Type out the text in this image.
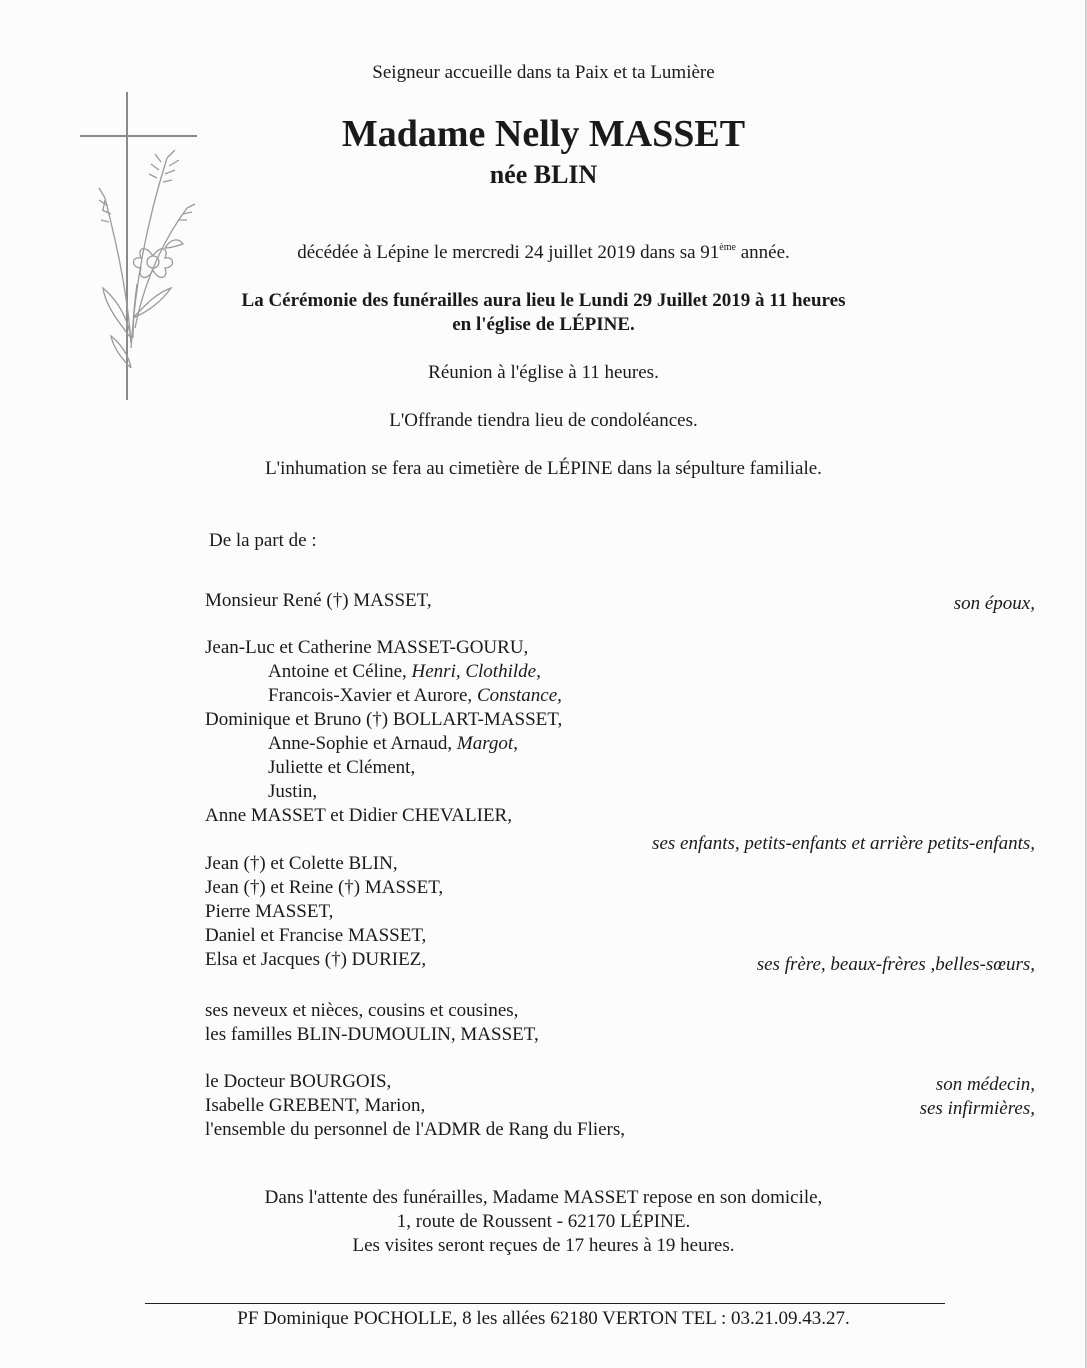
Seigneur accueille dans ta Paix et ta Lumière
Madame Nelly MASSET
née BLIN
décédée à Lépine le mercredi 24 juillet 2019 dans sa 91ème année.
La Cérémonie des funérailles aura lieu le Lundi 29 Juillet 2019 à 11 heures
en l'église de LÉPINE.
Réunion à l'église à 11 heures.
L'Offrande tiendra lieu de condoléances.
L'inhumation se fera au cimetière de LÉPINE dans la sépulture familiale.
De la part de :
Monsieur René (†) MASSET,	son époux,
Jean-Luc et Catherine MASSET-GOURU,
Antoine et Céline, Henri, Clothilde,
Francois-Xavier et Aurore, Constance,
Dominique et Bruno (†) BOLLART-MASSET,
Anne-Sophie et Arnaud, Margot,
Juliette et Clément,
Justin,
Anne MASSET et Didier CHEVALIER,
ses enfants, petits-enfants et arrière petits-enfants,
Jean (†) et Colette BLIN,
Jean (†) et Reine (†) MASSET,
Pierre MASSET,
Daniel et Francise MASSET,
Elsa et Jacques (†) DURIEZ,	ses frère, beaux-frères ,belles-sœurs,
ses neveux et nièces, cousins et cousines,
les familles BLIN-DUMOULIN, MASSET,
le Docteur BOURGOIS,	son médecin,
Isabelle GREBENT, Marion,	ses infirmières,
l'ensemble du personnel de l'ADMR de Rang du Fliers,
Dans l'attente des funérailles, Madame MASSET repose en son domicile,
1, route de Roussent - 62170 LÉPINE.
Les visites seront reçues de 17 heures à 19 heures.
PF Dominique POCHOLLE, 8 les allées 62180 VERTON TEL : 03.21.09.43.27.
